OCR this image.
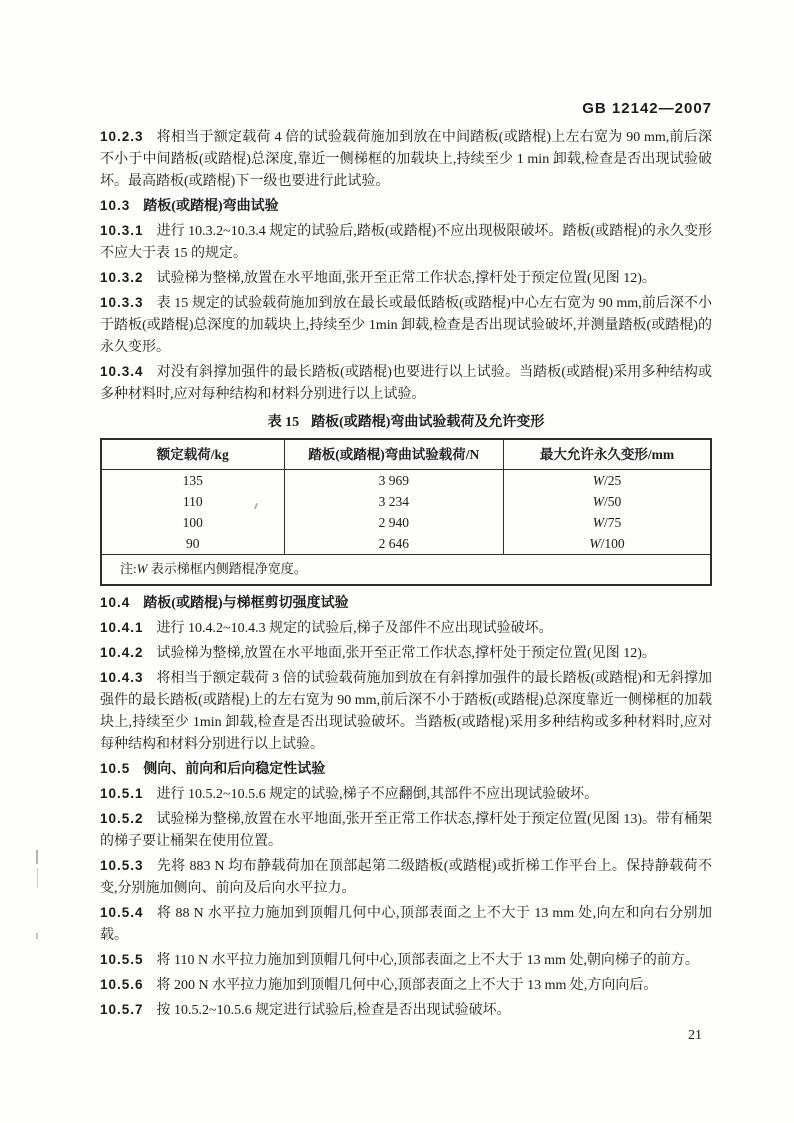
GB 12142—2007

10.2.3 将相当于额定载荷 4 倍的试验载荷施加到放在中间踏板(或踏棍)上左右宽为 90 mm,前后深不小于中间踏板(或踏棍)总深度,靠近一侧梯框的加载块上,持续至少 1 min 卸载,检查是否出现试验破坏。最高踏板(或踏棍)下一级也要进行此试验。

10.3 踏板(或踏棍)弯曲试验

10.3.1 进行 10.3.2~10.3.4 规定的试验后,踏板(或踏棍)不应出现极限破坏。踏板(或踏棍)的永久变形不应大于表 15 的规定。

10.3.2 试验梯为整梯,放置在水平地面,张开至正常工作状态,撑杆处于预定位置(见图 12)。

10.3.3 表 15 规定的试验载荷施加到放在最长或最低踏板(或踏棍)中心左右宽为 90 mm,前后深不小于踏板(或踏棍)总深度的加载块上,持续至少 1min 卸载,检查是否出现试验破坏,并测量踏板(或踏棍)的永久变形。

10.3.4 对没有斜撑加强件的最长踏板(或踏棍)也要进行以上试验。当踏板(或踏棍)采用多种结构或多种材料时,应对每种结构和材料分别进行以上试验。

表 15 踏板(或踏棍)弯曲试验载荷及允许变形
额定载荷/kg	踏板(或踏棍)弯曲试验载荷/N	最大允许永久变形/mm
135	3 969	W/25
110	3 234	W/50
100	2 940	W/75
90	2 646	W/100
注:W 表示梯框内侧踏棍净宽度。		

10.4 踏板(或踏棍)与梯框剪切强度试验

10.4.1 进行 10.4.2~10.4.3 规定的试验后,梯子及部件不应出现试验破坏。

10.4.2 试验梯为整梯,放置在水平地面,张开至正常工作状态,撑杆处于预定位置(见图 12)。

10.4.3 将相当于额定载荷 3 倍的试验载荷施加到放在有斜撑加强件的最长踏板(或踏棍)和无斜撑加强件的最长踏板(或踏棍)上的左右宽为 90 mm,前后深不小于踏板(或踏棍)总深度靠近一侧梯框的加载块上,持续至少 1min 卸载,检查是否出现试验破坏。当踏板(或踏棍)采用多种结构或多种材料时,应对每种结构和材料分别进行以上试验。

10.5 侧向、前向和后向稳定性试验

10.5.1 进行 10.5.2~10.5.6 规定的试验,梯子不应翻倒,其部件不应出现试验破坏。

10.5.2 试验梯为整梯,放置在水平地面,张开至正常工作状态,撑杆处于预定位置(见图 13)。带有桶架的梯子要让桶架在使用位置。

10.5.3 先将 883 N 均布静载荷加在顶部起第二级踏板(或踏棍)或折梯工作平台上。保持静载荷不变,分别施加侧向、前向及后向水平拉力。

10.5.4 将 88 N 水平拉力施加到顶帽几何中心,顶部表面之上不大于 13 mm 处,向左和向右分别加载。

10.5.5 将 110 N 水平拉力施加到顶帽几何中心,顶部表面之上不大于 13 mm 处,朝向梯子的前方。

10.5.6 将 200 N 水平拉力施加到顶帽几何中心,顶部表面之上不大于 13 mm 处,方向向后。

10.5.7 按 10.5.2~10.5.6 规定进行试验后,检查是否出现试验破坏。

21
